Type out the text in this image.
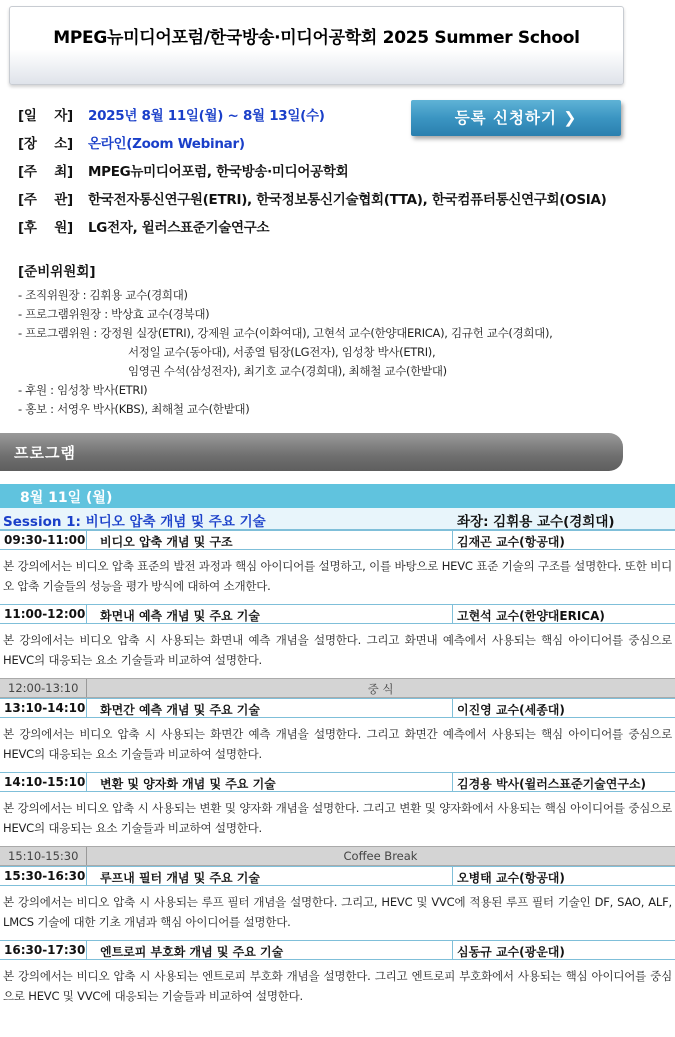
MPEG뉴미디어포럼/한국방송·미디어공학회 2025 Summer School
[일    자]	2025년 8월 11일(월) ~ 8월 13일(수)
[장    소]	온라인(Zoom Webinar)
[주    최]	MPEG뉴미디어포럼, 한국방송·미디어공학회
[주    관]	한국전자통신연구원(ETRI), 한국정보통신기술협회(TTA), 한국컴퓨터통신연구회(OSIA)
[후    원]	LG전자, 윌러스표준기술연구소
등록 신청하기 ❯
[준비위원회]
- 조직위원장 : 김휘용 교수(경희대)
- 프로그램위원장 : 박상효 교수(경북대)
- 프로그램위원 : 강정원 실장(ETRI), 강제원 교수(이화여대), 고현석 교수(한양대ERICA), 김규헌 교수(경희대),
서정일 교수(동아대), 서종열 팀장(LG전자), 임성창 박사(ETRI),
임영권 수석(삼성전자), 최기호 교수(경희대), 최해철 교수(한밭대)
- 후원 : 임성창 박사(ETRI)
- 홍보 : 서영우 박사(KBS), 최해철 교수(한밭대)
프로그램
8월 11일 (월)
Session 1: 비디오 압축 개념 및 주요 기술	좌장: 김휘용 교수(경희대)
09:30-11:00 비디오 압축 개념 및 구조	김재곤 교수(항공대)
본 강의에서는 비디오 압축 표준의 발전 과정과 핵심 아이디어를 설명하고, 이를 바탕으로 HEVC 표준 기술의 구조를 설명한다. 또한 비디오 압축 기술들의 성능을 평가 방식에 대하여 소개한다.
11:00-12:00 화면내 예측 개념 및 주요 기술	고현석 교수(한양대ERICA)
본 강의에서는 비디오 압축 시 사용되는 화면내 예측 개념을 설명한다. 그리고 화면내 예측에서 사용되는 핵심 아이디어를 중심으로 HEVC의 대응되는 요소 기술들과 비교하여 설명한다.
12:00-13:10	중 식
13:10-14:10 화면간 예측 개념 및 주요 기술	이진영 교수(세종대)
본 강의에서는 비디오 압축 시 사용되는 화면간 예측 개념을 설명한다. 그리고 화면간 예측에서 사용되는 핵심 아이디어를 중심으로 HEVC의 대응되는 요소 기술들과 비교하여 설명한다.
14:10-15:10 변환 및 양자화 개념 및 주요 기술	김경용 박사(윌러스표준기술연구소)
본 강의에서는 비디오 압축 시 사용되는 변환 및 양자화 개념을 설명한다. 그리고 변환 및 양자화에서 사용되는 핵심 아이디어를 중심으로 HEVC의 대응되는 요소 기술들과 비교하여 설명한다.
15:10-15:30	Coffee Break
15:30-16:30 루프내 필터 개념 및 주요 기술	오병태 교수(항공대)
본 강의에서는 비디오 압축 시 사용되는 루프 필터 개념을 설명한다. 그리고, HEVC 및 VVC에 적용된 루프 필터 기술인 DF, SAO, ALF, LMCS 기술에 대한 기초 개념과 핵심 아이디어를 설명한다.
16:30-17:30 엔트로피 부호화 개념 및 주요 기술	심동규 교수(광운대)
본 강의에서는 비디오 압축 시 사용되는 엔트로피 부호화 개념을 설명한다. 그리고 엔트로피 부호화에서 사용되는 핵심 아이디어를 중심으로 HEVC 및 VVC에 대응되는 기술들과 비교하여 설명한다.
